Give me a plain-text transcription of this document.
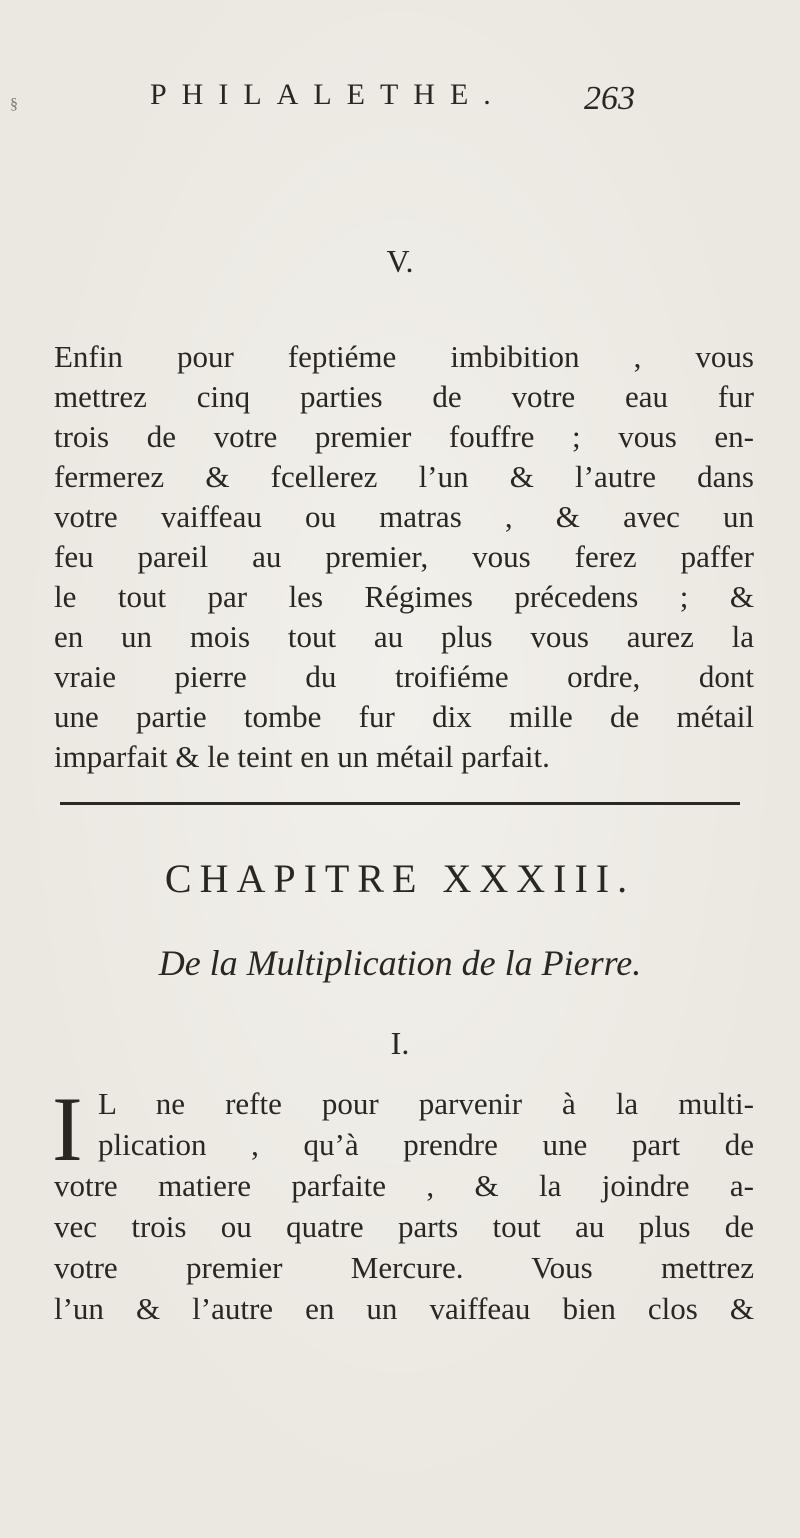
§	PHILALETHE. 263
V.
Enfin pour feptiéme imbibition , vous
mettrez cinq parties de votre eau fur
trois de votre premier fouffre ; vous en-
fermerez & fcellerez l’un & l’autre dans
votre vaiffeau ou matras , & avec un
feu pareil au premier, vous ferez paffer
le tout par les Régimes précedens ; &
en un mois tout au plus vous aurez la
vraie pierre du troifiéme ordre, dont
une partie tombe fur dix mille de métail
imparfait & le teint en un métail parfait.
CHAPITRE XXXIII.
De la Multiplication de la Pierre.
I.
I L ne refte pour parvenir à la multi-
plication , qu’à prendre une part de
votre matiere parfaite , & la joindre a-
vec trois ou quatre parts tout au plus de
votre premier Mercure. Vous mettrez
l’un & l’autre en un vaiffeau bien clos &
